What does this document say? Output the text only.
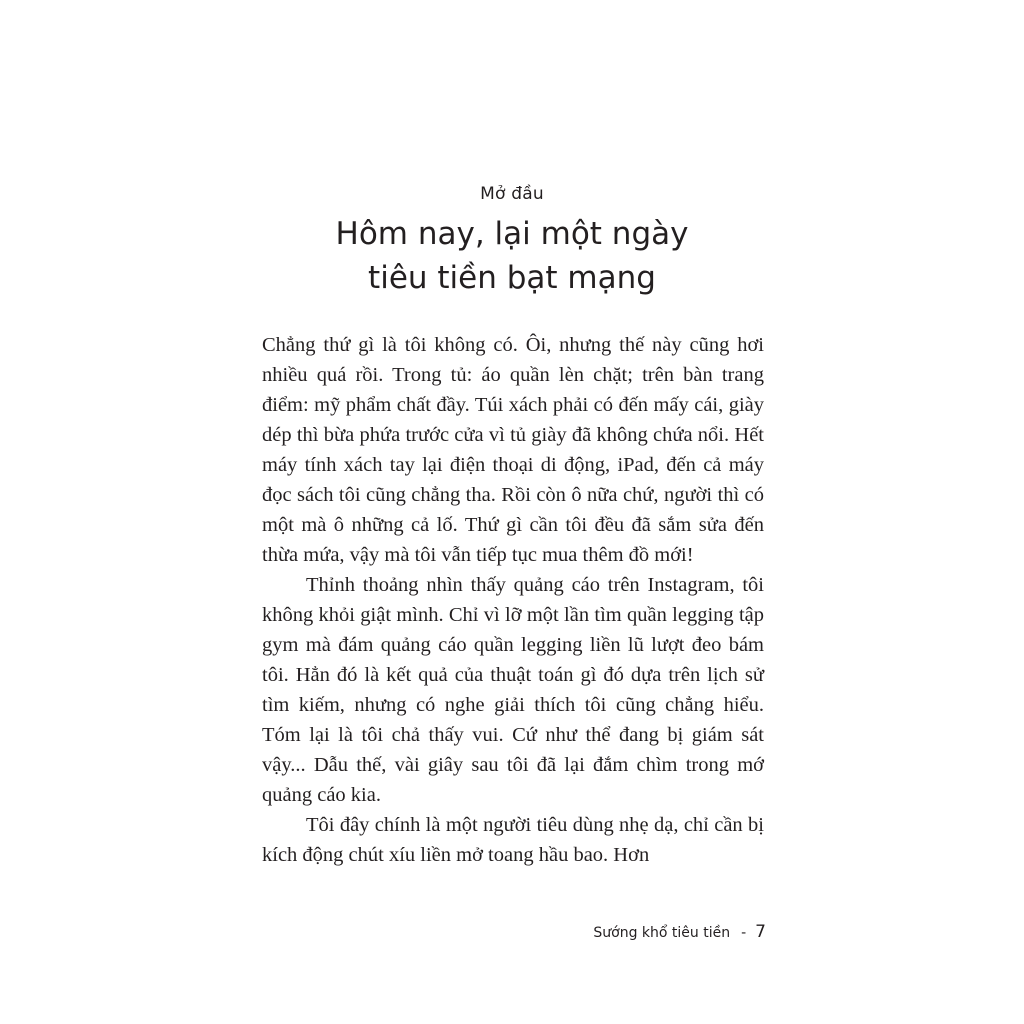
Mở đầu
Hôm nay, lại một ngày
tiêu tiền bạt mạng

Chẳng thứ gì là tôi không có. Ôi, nhưng thế này cũng hơi nhiều quá rồi. Trong tủ: áo quần lèn chặt; trên bàn trang điểm: mỹ phẩm chất đầy. Túi xách phải có đến mấy cái, giày dép thì bừa phứa trước cửa vì tủ giày đã không chứa nổi. Hết máy tính xách tay lại điện thoại di động, iPad, đến cả máy đọc sách tôi cũng chẳng tha. Rồi còn ô nữa chứ, người thì có một mà ô những cả lố. Thứ gì cần tôi đều đã sắm sửa đến thừa mứa, vậy mà tôi vẫn tiếp tục mua thêm đồ mới!

Thỉnh thoảng nhìn thấy quảng cáo trên Instagram, tôi không khỏi giật mình. Chỉ vì lỡ một lần tìm quần legging tập gym mà đám quảng cáo quần legging liền lũ lượt đeo bám tôi. Hẳn đó là kết quả của thuật toán gì đó dựa trên lịch sử tìm kiếm, nhưng có nghe giải thích tôi cũng chẳng hiểu. Tóm lại là tôi chả thấy vui. Cứ như thể đang bị giám sát vậy... Dẫu thế, vài giây sau tôi đã lại đắm chìm trong mớ quảng cáo kia.

Tôi đây chính là một người tiêu dùng nhẹ dạ, chỉ cần bị kích động chút xíu liền mở toang hầu bao. Hơn

Sướng khổ tiêu tiền - 7
